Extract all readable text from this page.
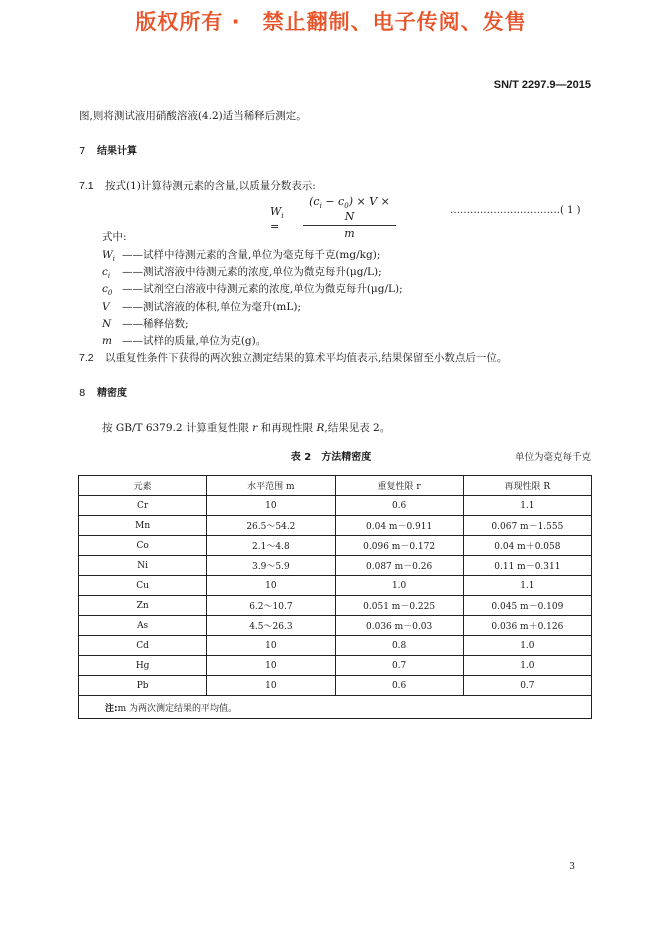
版权所有 ·　禁止翻制、电子传阅、发售
SN/T 2297.9—2015
图,则将测试液用硝酸溶液(4.2)适当稀释后测定。
7 结果计算
7.1 按式(1)计算待测元素的含量,以质量分数表示:
$W_i$ =
$(c_i - c_0) \times V \times N$
m
……………………………( 1 )
式中:
$W_i$ ——试样中待测元素的含量,单位为毫克每千克(mg/kg);
$c_i$ ——测试溶液中待测元素的浓度,单位为微克每升(μg/L);
$c_0$ ——试剂空白溶液中待测元素的浓度,单位为微克每升(μg/L);
V ——测试溶液的体积,单位为毫升(mL);
N ——稀释倍数;
m ——试样的质量,单位为克(g)。
7.2 以重复性条件下获得的两次独立测定结果的算术平均值表示,结果保留至小数点后一位。
8 精密度
按 GB/T 6379.2 计算重复性限 r 和再现性限 R,结果见表 2。
表 2　方法精密度	单位为毫克每千克
元素	水平范围 m	重复性限 r	再现性限 R
Cr	10	0.6	1.1
Mn	26.5～54.2	0.04 m－0.911	0.067 m－1.555
Co	2.1～4.8	0.096 m－0.172	0.04 m＋0.058
Ni	3.9～5.9	0.087 m－0.26	0.11 m－0.311
Cu	10	1.0	1.1
Zn	6.2～10.7	0.051 m－0.225	0.045 m－0.109
As	4.5～26.3	0.036 m－0.03	0.036 m＋0.126
Cd	10	0.8	1.0
Hg	10	0.7	1.0
Pb	10	0.6	0.7
注:m 为两次测定结果的平均值。			
3
